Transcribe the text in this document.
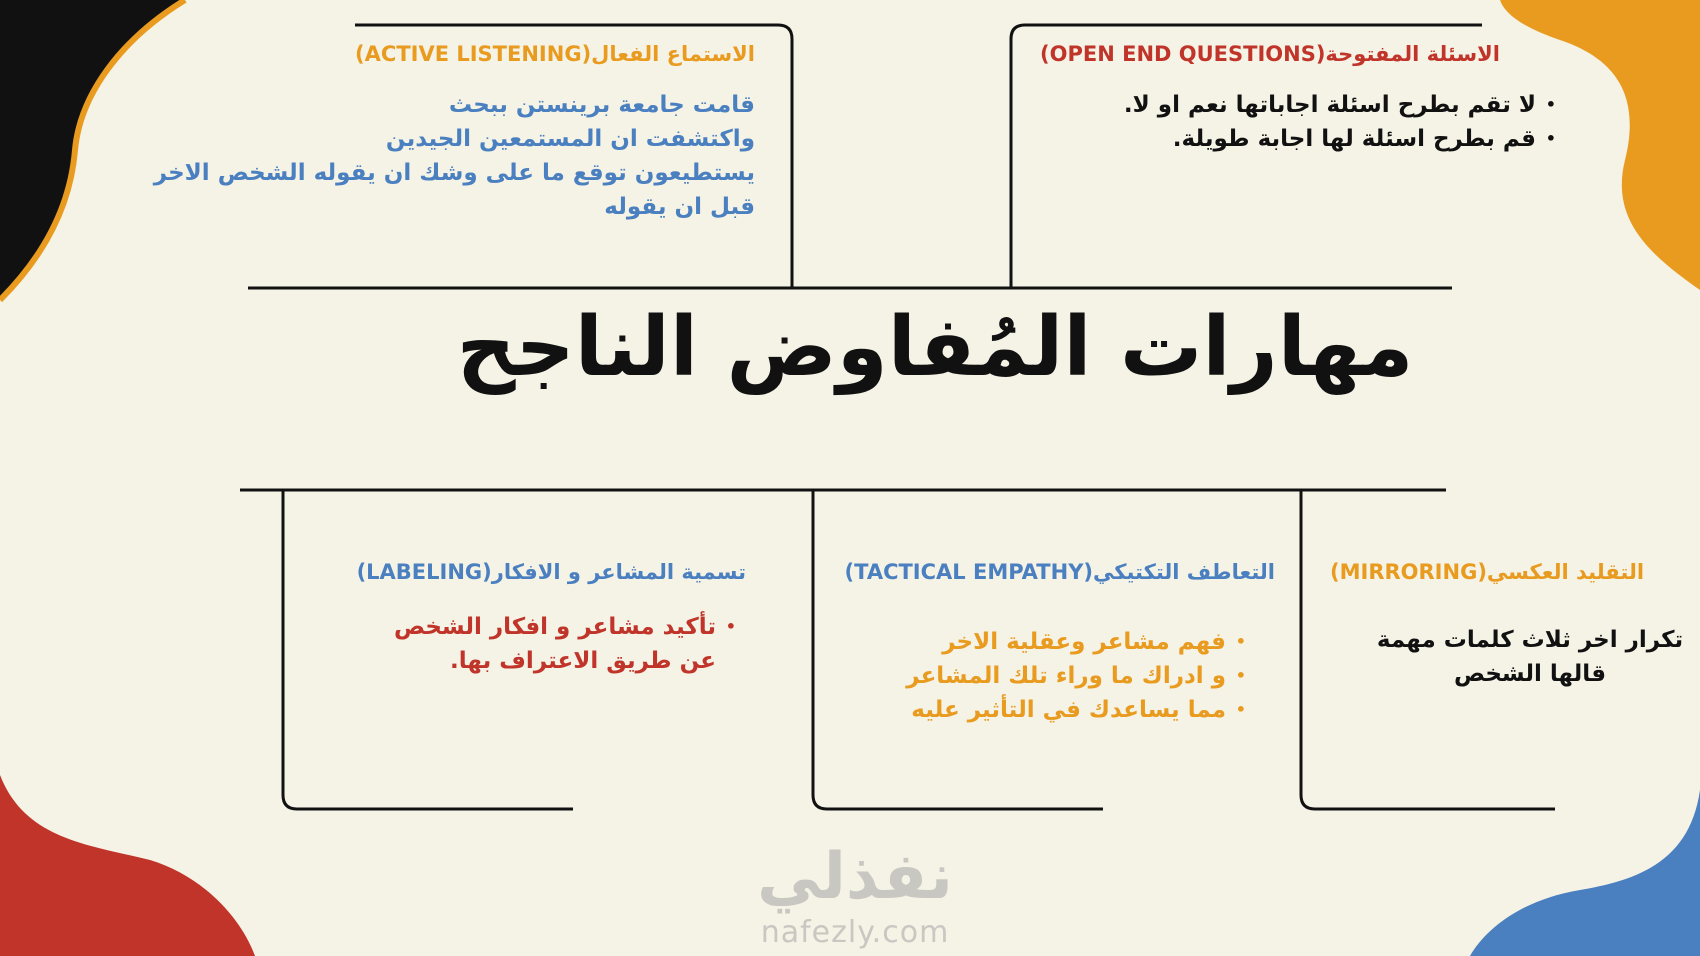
الاسئلة المفتوحة(OPEN END QUESTIONS)
• لا تقم بطرح اسئلة اجاباتها نعم او لا.
• قم بطرح اسئلة لها اجابة طويلة.
الاستماع الفعال(ACTIVE LISTENING)
قامت جامعة برينستن ببحث
واكتشفت ان المستمعين الجيدين
يستطيعون توقع ما على وشك ان يقوله الشخص الاخر
قبل ان يقوله
مهارات المُفاوض الناجح
تسمية المشاعر و الافكار(LABELING)
• تأكيد مشاعر و افكار الشخص عن طريق الاعتراف بها.
التعاطف التكتيكي(TACTICAL EMPATHY)
• فهم مشاعر وعقلية الاخر
• و ادراك ما وراء تلك المشاعر
• مما يساعدك في التأثير عليه
التقليد العكسي(MIRRORING)
تكرار اخر ثلاث كلمات مهمة
قالها الشخص
نفذلي
nafezly.com
